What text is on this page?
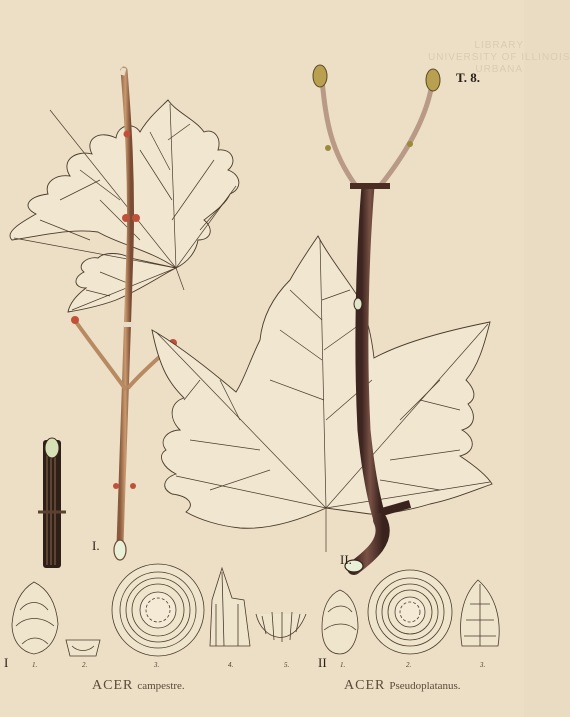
LIBRARY
UNIVERSITY OF ILLINOIS
URBANA
T. 8.
I.
II.
I	1.	2.	3.	4.	5. II 1.	2.	3.
ACER campestre.	ACER Pseudoplatanus.
